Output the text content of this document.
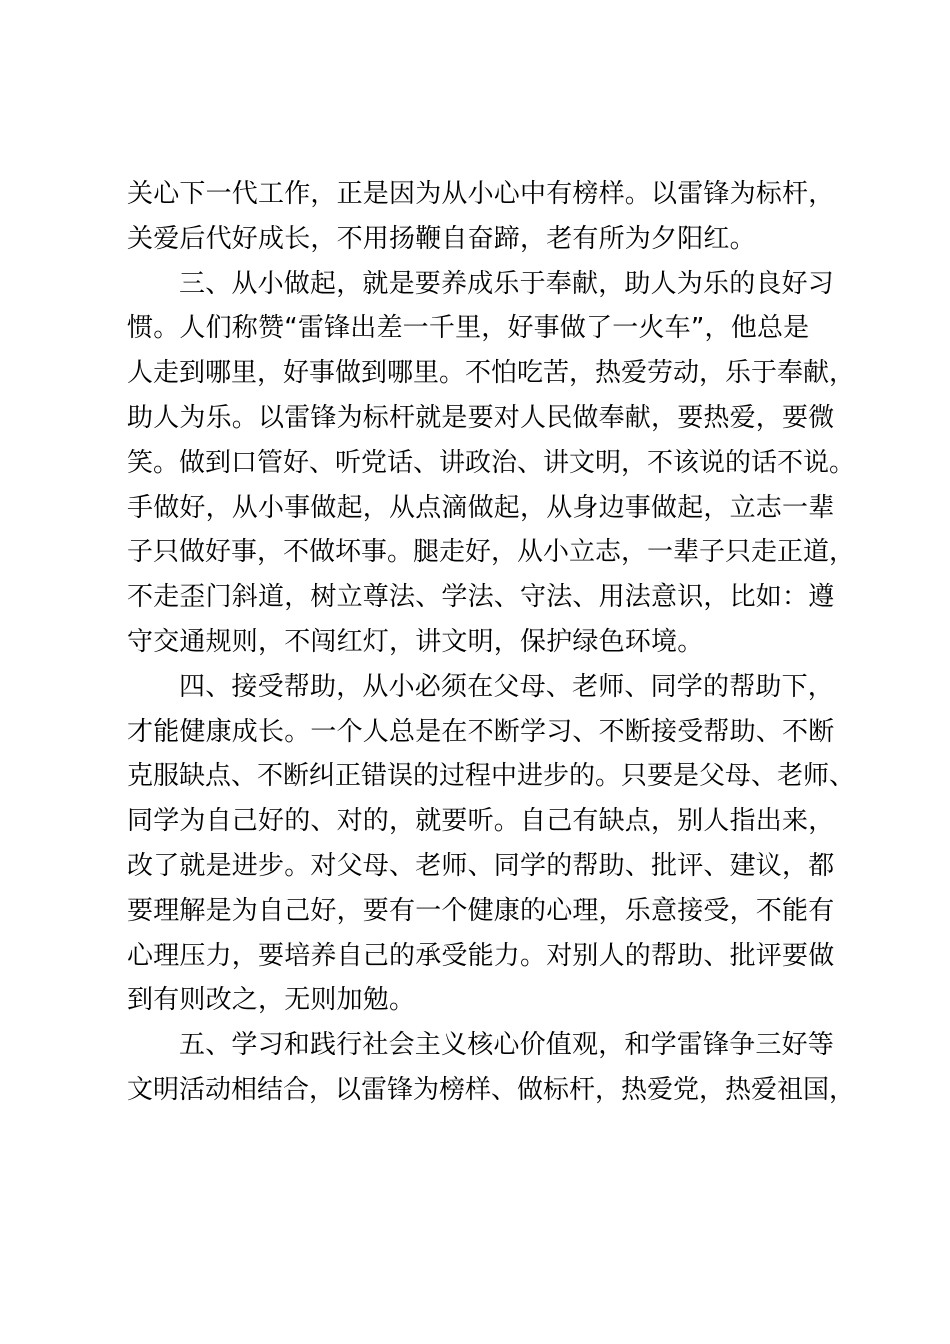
关心下一代工作，正是因为从小心中有榜样。以雷锋为标杆，
关爱后代好成长，不用扬鞭自奋蹄，老有所为夕阳红。
三、从小做起，就是要养成乐于奉献，助人为乐的良好习
惯。人们称赞“雷锋出差一千里，好事做了一火车”，他总是
人走到哪里，好事做到哪里。不怕吃苦，热爱劳动，乐于奉献，
助人为乐。以雷锋为标杆就是要对人民做奉献，要热爱，要微
笑。做到口管好、听党话、讲政治、讲文明，不该说的话不说。
手做好，从小事做起，从点滴做起，从身边事做起，立志一辈
子只做好事，不做坏事。腿走好，从小立志，一辈子只走正道，
不走歪门斜道，树立尊法、学法、守法、用法意识，比如：遵
守交通规则，不闯红灯，讲文明，保护绿色环境。
四、接受帮助，从小必须在父母、老师、同学的帮助下，
才能健康成长。一个人总是在不断学习、不断接受帮助、不断
克服缺点、不断纠正错误的过程中进步的。只要是父母、老师、
同学为自己好的、对的，就要听。自己有缺点，别人指出来，
改了就是进步。对父母、老师、同学的帮助、批评、建议，都
要理解是为自己好，要有一个健康的心理，乐意接受，不能有
心理压力，要培养自己的承受能力。对别人的帮助、批评要做
到有则改之，无则加勉。
五、学习和践行社会主义核心价值观，和学雷锋争三好等
文明活动相结合，以雷锋为榜样、做标杆，热爱党，热爱祖国，
